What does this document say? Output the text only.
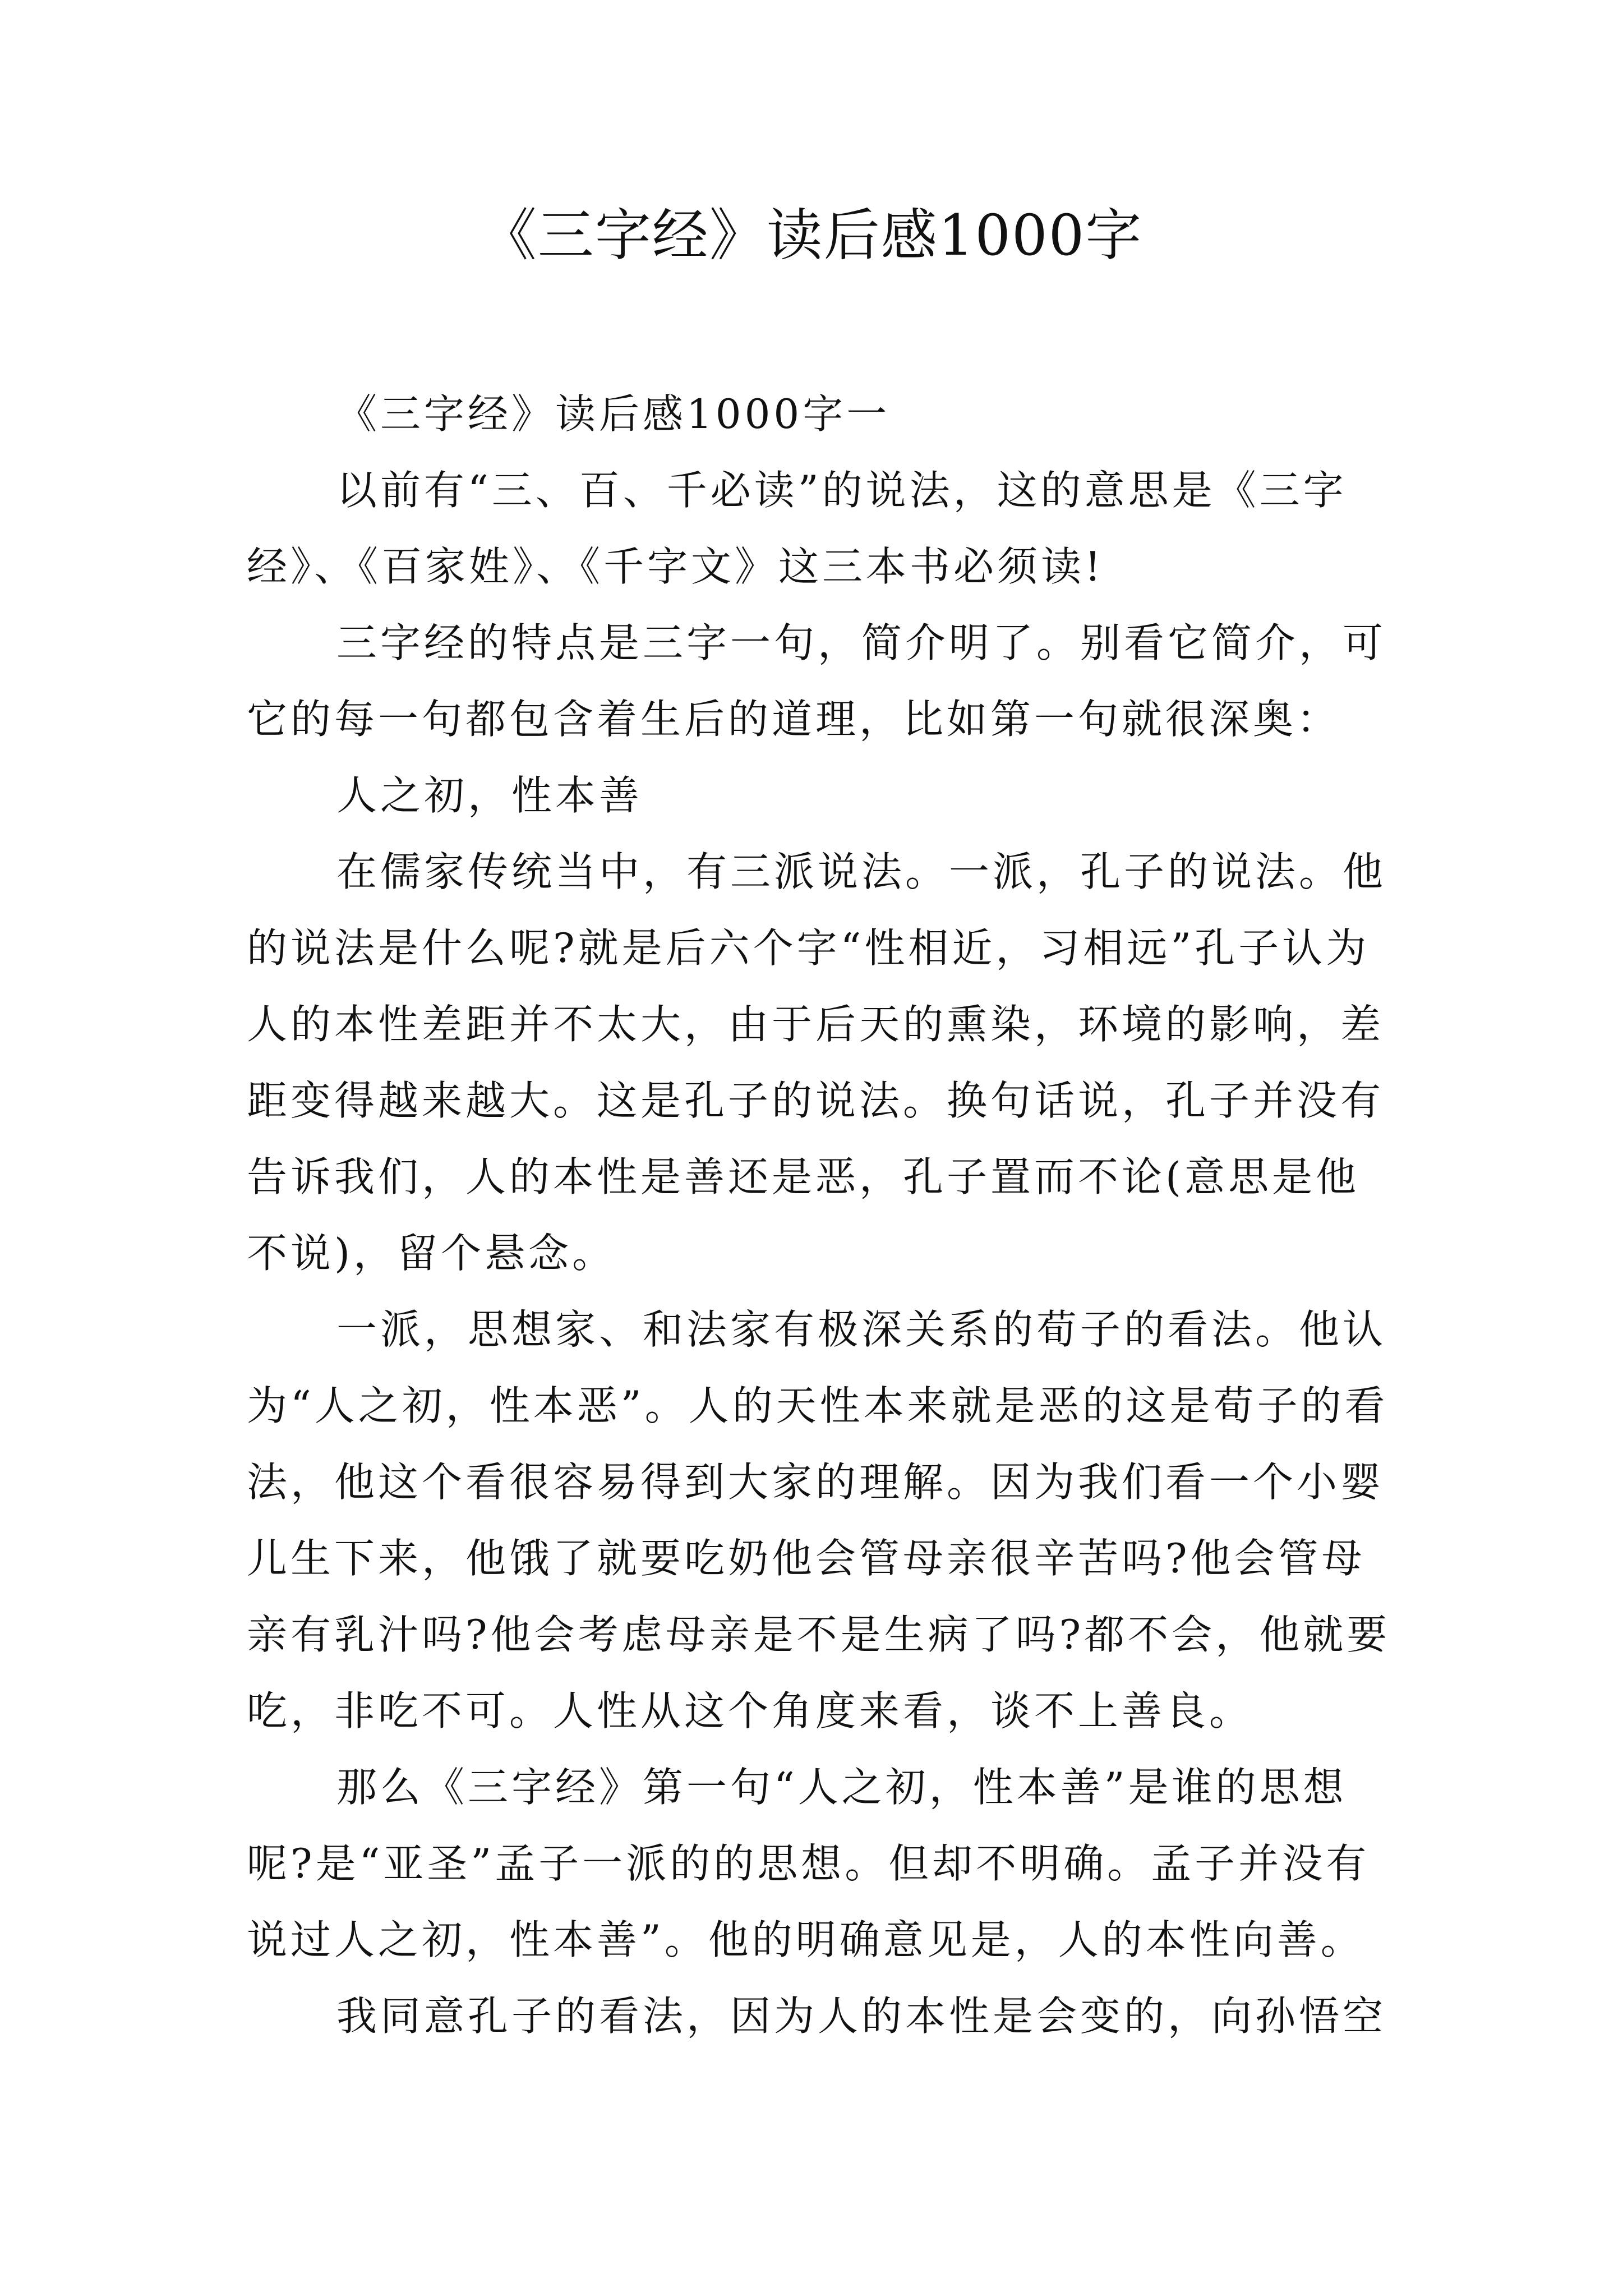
《三字经》读后感1000字

《三字经》读后感1000字一

以前有“三、百、千必读”的说法，这的意思是《三字经》、《百家姓》、《千字文》这三本书必须读!

三字经的特点是三字一句，简介明了。别看它简介，可它的每一句都包含着生后的道理，比如第一句就很深奥：

人之初，性本善

在儒家传统当中，有三派说法。一派，孔子的说法。他的说法是什么呢?就是后六个字“性相近，习相远”孔子认为人的本性差距并不太大，由于后天的熏染，环境的影响，差距变得越来越大。这是孔子的说法。换句话说，孔子并没有告诉我们，人的本性是善还是恶，孔子置而不论(意思是他不说)，留个悬念。

一派，思想家、和法家有极深关系的荀子的看法。他认为“人之初，性本恶”。人的天性本来就是恶的这是荀子的看法，他这个看很容易得到大家的理解。因为我们看一个小婴儿生下来，他饿了就要吃奶他会管母亲很辛苦吗?他会管母亲有乳汁吗?他会考虑母亲是不是生病了吗?都不会，他就要吃，非吃不可。人性从这个角度来看，谈不上善良。

那么《三字经》第一句“人之初，性本善”是谁的思想呢?是“亚圣”孟子一派的的思想。但却不明确。孟子并没有说过人之初，性本善”。他的明确意见是，人的本性向善。

我同意孔子的看法，因为人的本性是会变的，向孙悟空
